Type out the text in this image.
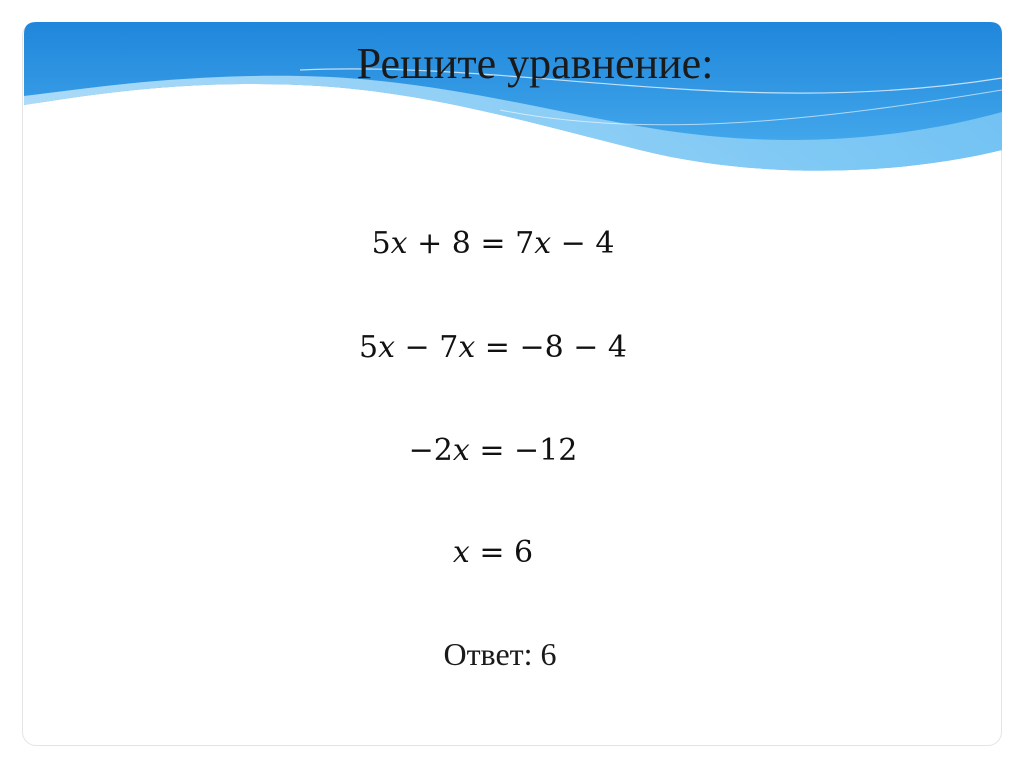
Решите уравнение:
5𝑥 + 8 = 7𝑥 − 4
5𝑥 − 7𝑥 = −8 − 4
−2𝑥 = −12
𝑥 = 6
Ответ: 6
